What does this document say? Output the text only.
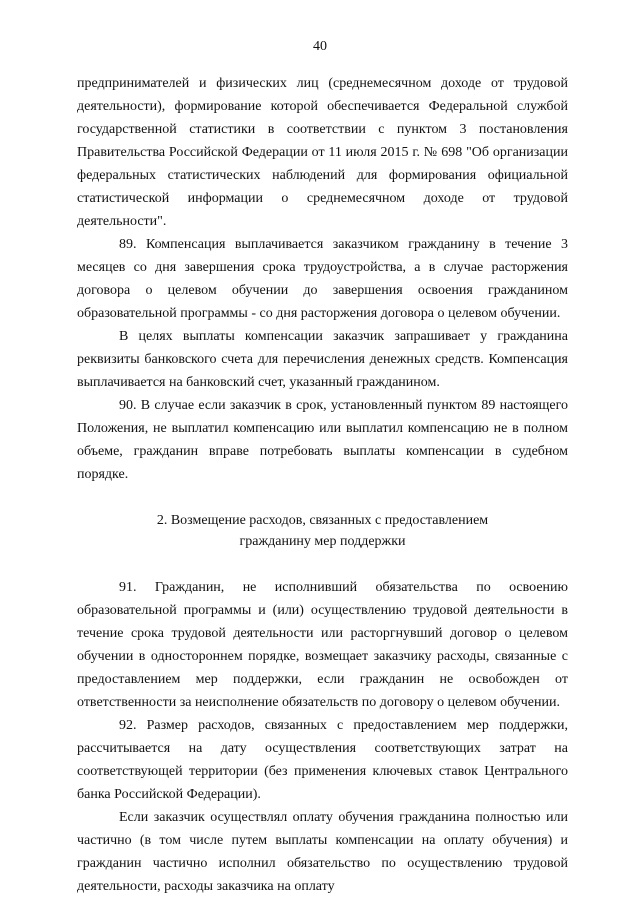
40

предпринимателей и физических лиц (среднемесячном доходе от трудовой деятельности), формирование которой обеспечивается Федеральной службой государственной статистики в соответствии с пунктом 3 постановления Правительства Российской Федерации от 11 июля 2015 г. № 698 "Об организации федеральных статистических наблюдений для формирования официальной статистической информации о среднемесячном доходе от трудовой деятельности".

89. Компенсация выплачивается заказчиком гражданину в течение 3 месяцев со дня завершения срока трудоустройства, а в случае расторжения договора о целевом обучении до завершения освоения гражданином образовательной программы - со дня расторжения договора о целевом обучении.

В целях выплаты компенсации заказчик запрашивает у гражданина реквизиты банковского счета для перечисления денежных средств. Компенсация выплачивается на банковский счет, указанный гражданином.

90. В случае если заказчик в срок, установленный пунктом 89 настоящего Положения, не выплатил компенсацию или выплатил компенсацию не в полном объеме, гражданин вправе потребовать выплаты компенсации в судебном порядке.

2. Возмещение расходов, связанных с предоставлением
гражданину мер поддержки

91. Гражданин, не исполнивший обязательства по освоению образовательной программы и (или) осуществлению трудовой деятельности в течение срока трудовой деятельности или расторгнувший договор о целевом обучении в одностороннем порядке, возмещает заказчику расходы, связанные с предоставлением мер поддержки, если гражданин не освобожден от ответственности за неисполнение обязательств по договору о целевом обучении.

92. Размер расходов, связанных с предоставлением мер поддержки, рассчитывается на дату осуществления соответствующих затрат на соответствующей территории (без применения ключевых ставок Центрального банка Российской Федерации).

Если заказчик осуществлял оплату обучения гражданина полностью или частично (в том числе путем выплаты компенсации на оплату обучения) и гражданин частично исполнил обязательство по осуществлению трудовой деятельности, расходы заказчика на оплату
